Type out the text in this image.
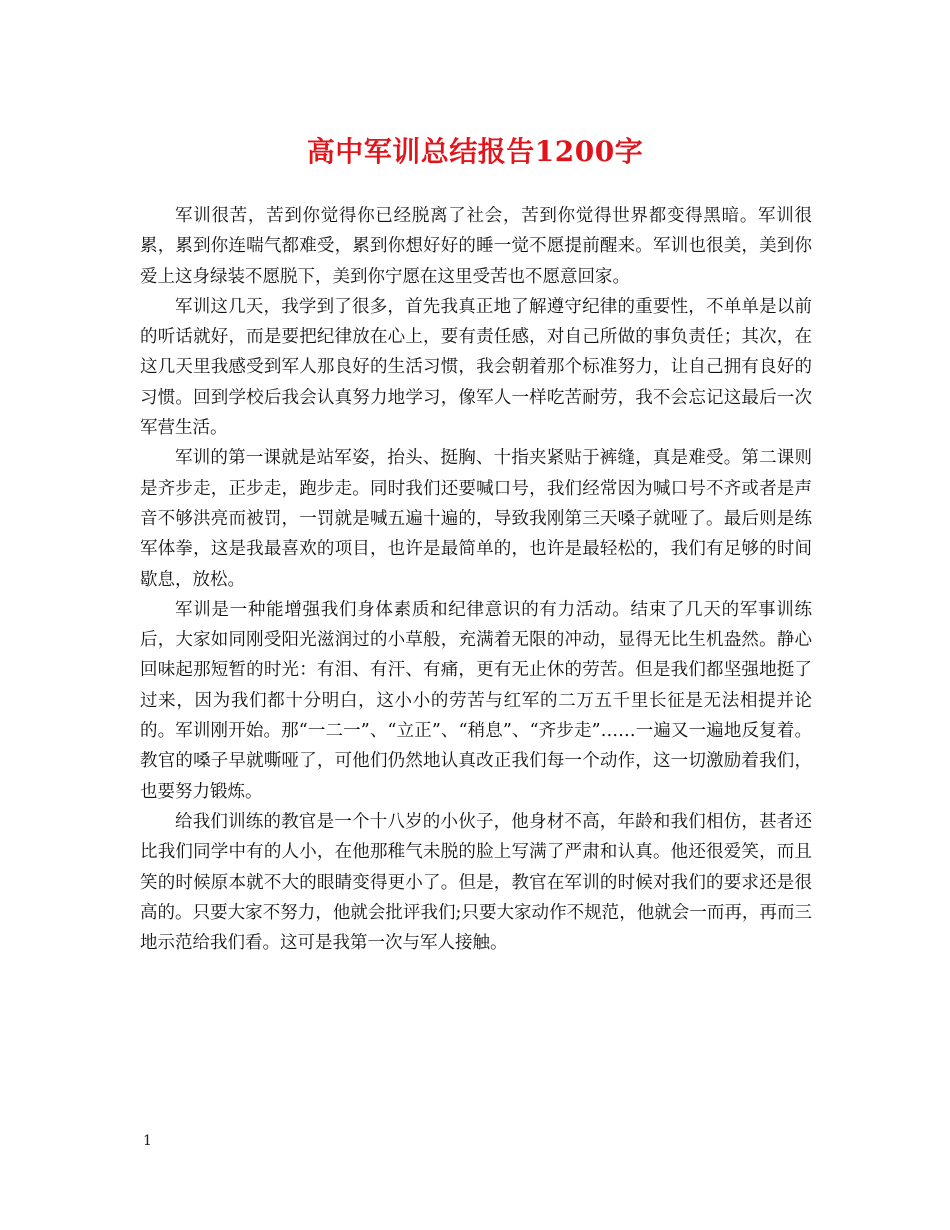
高中军训总结报告1200字

军训很苦，苦到你觉得你已经脱离了社会，苦到你觉得世界都变得黑暗。军训很累，累到你连喘气都难受，累到你想好好的睡一觉不愿提前醒来。军训也很美，美到你爱上这身绿装不愿脱下，美到你宁愿在这里受苦也不愿意回家。

军训这几天，我学到了很多，首先我真正地了解遵守纪律的重要性，不单单是以前的听话就好，而是要把纪律放在心上，要有责任感，对自己所做的事负责任；其次，在这几天里我感受到军人那良好的生活习惯，我会朝着那个标准努力，让自己拥有良好的习惯。回到学校后我会认真努力地学习，像军人一样吃苦耐劳，我不会忘记这最后一次军营生活。

军训的第一课就是站军姿，抬头、挺胸、十指夹紧贴于裤缝，真是难受。第二课则是齐步走，正步走，跑步走。同时我们还要喊口号，我们经常因为喊口号不齐或者是声音不够洪亮而被罚，一罚就是喊五遍十遍的，导致我刚第三天嗓子就哑了。最后则是练军体拳，这是我最喜欢的项目，也许是最简单的，也许是最轻松的，我们有足够的时间歇息，放松。

军训是一种能增强我们身体素质和纪律意识的有力活动。结束了几天的军事训练后，大家如同刚受阳光滋润过的小草般，充满着无限的冲动，显得无比生机盎然。静心回味起那短暂的时光：有泪、有汗、有痛，更有无止休的劳苦。但是我们都坚强地挺了过来，因为我们都十分明白，这小小的劳苦与红军的二万五千里长征是无法相提并论的。军训刚开始。那“一二一”、“立正”、“稍息”、“齐步走”……一遍又一遍地反复着。教官的嗓子早就嘶哑了，可他们仍然地认真改正我们每一个动作，这一切激励着我们，也要努力锻炼。

给我们训练的教官是一个十八岁的小伙子，他身材不高，年龄和我们相仿，甚者还比我们同学中有的人小，在他那稚气未脱的脸上写满了严肃和认真。他还很爱笑，而且笑的时候原本就不大的眼睛变得更小了。但是，教官在军训的时候对我们的要求还是很高的。只要大家不努力，他就会批评我们;只要大家动作不规范，他就会一而再，再而三地示范给我们看。这可是我第一次与军人接触。

1
